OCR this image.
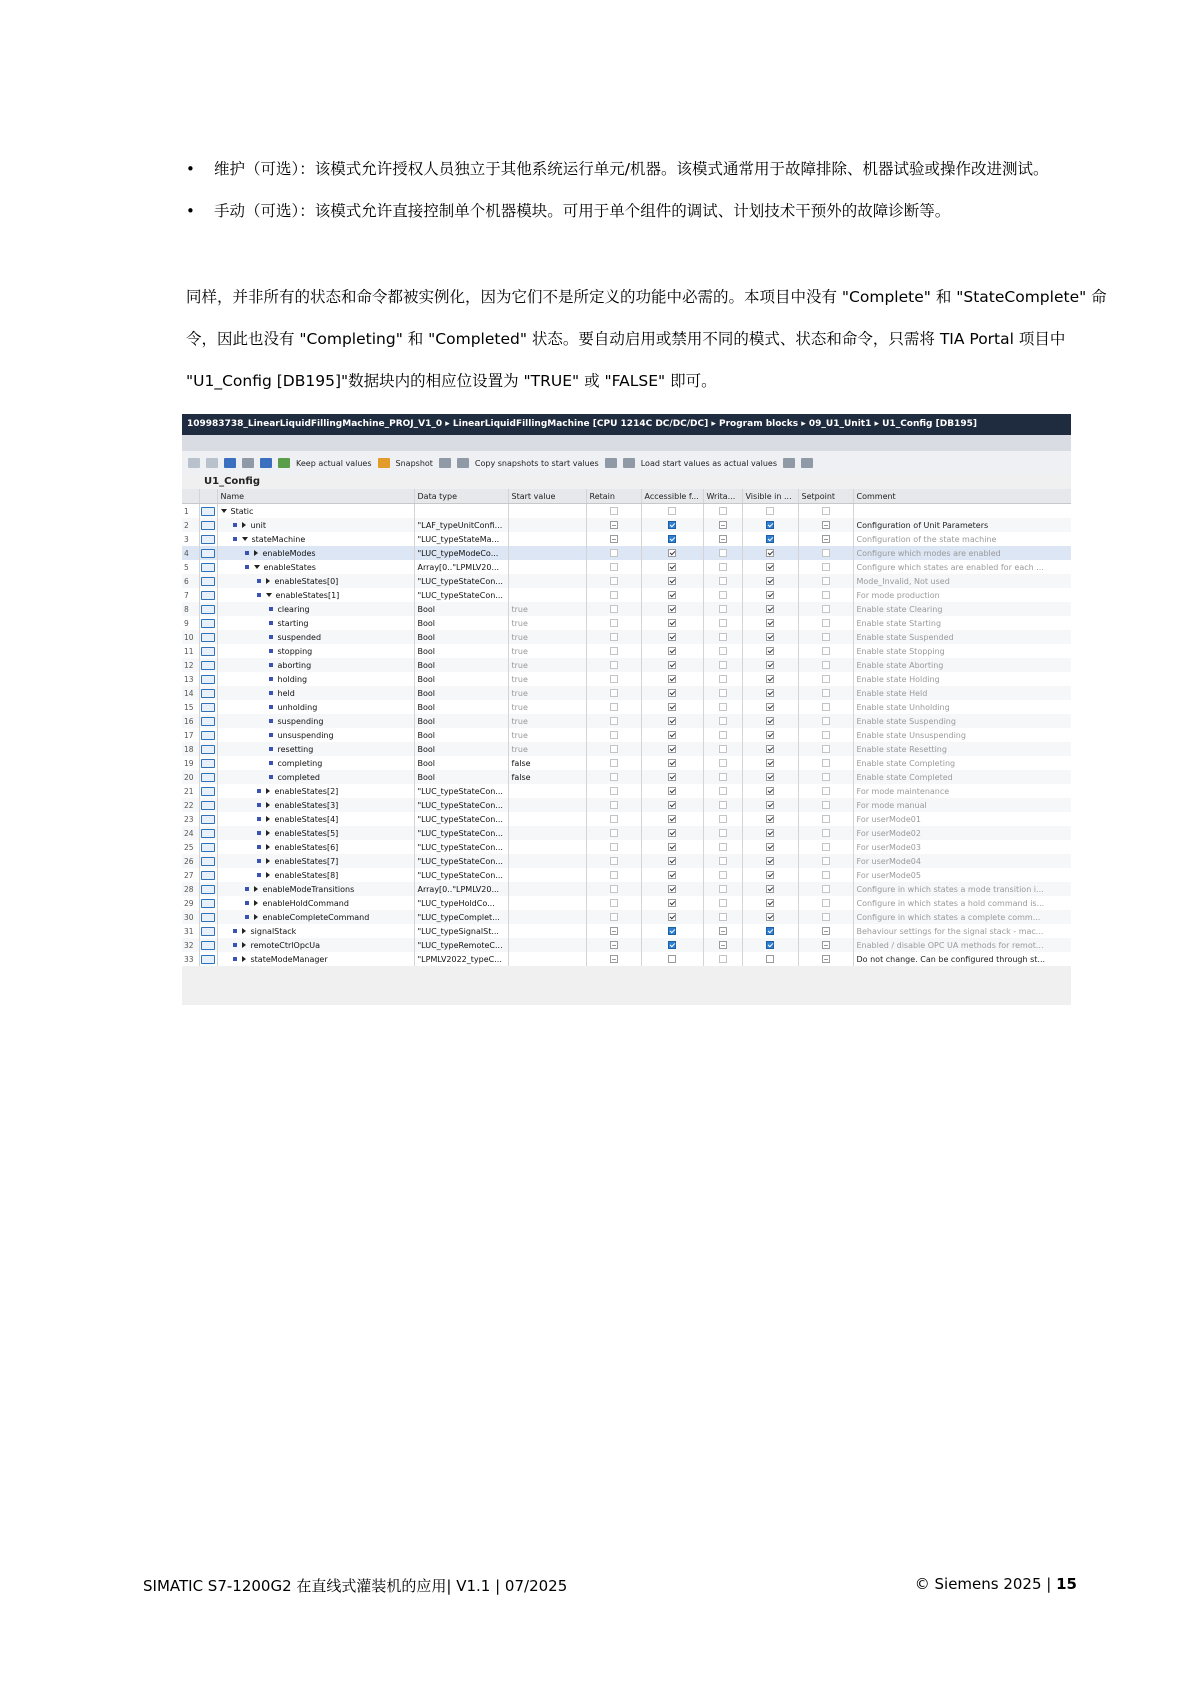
• 维护（可选）：该模式允许授权人员独立于其他系统运行单元/机器。该模式通常用于故障排除、机器试验或操作改进测试。
• 手动（可选）：该模式允许直接控制单个机器模块。可用于单个组件的调试、计划技术干预外的故障诊断等。

同样，并非所有的状态和命令都被实例化，因为它们不是所定义的功能中必需的。本项目中没有 "Complete" 和 "StateComplete" 命令，因此也没有 "Completing" 和 "Completed" 状态。要自动启用或禁用不同的模式、状态和命令，只需将 TIA Portal 项目中 "U1_Config [DB195]"数据块内的相应位设置为 "TRUE" 或 "FALSE" 即可。

109983738_LinearLiquidFillingMachine_PROJ_V1_0 ▸ LinearLiquidFillingMachine [CPU 1214C DC/DC/DC] ▸ Program blocks ▸ 09_U1_Unit1 ▸ U1_Config [DB195]
Keep actual values	Snapshot	Copy snapshots to start values	Load start values as actual values
U1_Config
		Name	Data type	Start value	Retain	Accessible f...	Writa...	Visible in ...	Setpoint	Comment
1		Static								
2		unit	"LAF_typeUnitConfi...							Configuration of Unit Parameters
3		stateMachine	"LUC_typeStateMa...							Configuration of the state machine
4		enableModes	"LUC_typeModeCo...							Configure which modes are enabled
5		enableStates	Array[0.."LPMLV20...							Configure which states are enabled for each ...
6		enableStates[0]	"LUC_typeStateCon...							Mode_Invalid, Not used
7		enableStates[1]	"LUC_typeStateCon...							For mode production
8		clearing	Bool	true						Enable state Clearing
9		starting	Bool	true						Enable state Starting
10		suspended	Bool	true						Enable state Suspended
11		stopping	Bool	true						Enable state Stopping
12		aborting	Bool	true						Enable state Aborting
13		holding	Bool	true						Enable state Holding
14		held	Bool	true						Enable state Held
15		unholding	Bool	true						Enable state Unholding
16		suspending	Bool	true						Enable state Suspending
17		unsuspending	Bool	true						Enable state Unsuspending
18		resetting	Bool	true						Enable state Resetting
19		completing	Bool	false						Enable state Completing
20		completed	Bool	false						Enable state Completed
21		enableStates[2]	"LUC_typeStateCon...							For mode maintenance
22		enableStates[3]	"LUC_typeStateCon...							For mode manual
23		enableStates[4]	"LUC_typeStateCon...							For userMode01
24		enableStates[5]	"LUC_typeStateCon...							For userMode02
25		enableStates[6]	"LUC_typeStateCon...							For userMode03
26		enableStates[7]	"LUC_typeStateCon...							For userMode04
27		enableStates[8]	"LUC_typeStateCon...							For userMode05
28		enableModeTransitions	Array[0.."LPMLV20...							Configure in which states a mode transition i...
29		enableHoldCommand	"LUC_typeHoldCo...							Configure in which states a hold command is...
30		enableCompleteCommand	"LUC_typeComplet...							Configure in which states a complete comm...
31		signalStack	"LUC_typeSignalSt...							Behaviour settings for the signal stack - mac...
32		remoteCtrlOpcUa	"LUC_typeRemoteC...							Enabled / disable OPC UA methods for remot...
33		stateModeManager	"LPMLV2022_typeC...							Do not change. Can be configured through st...
SIMATIC S7-1200G2 在直线式灌装机的应用| V1.1 | 07/2025	© Siemens 2025 | 15
